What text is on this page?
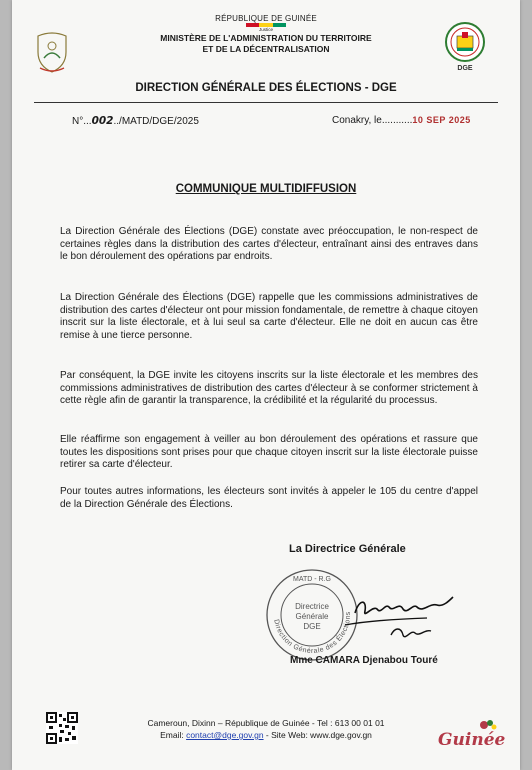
RÉPUBLIQUE DE GUINÉE
Justice
MINISTÈRE DE L'ADMINISTRATION DU TERRITOIRE
ET DE LA DÉCENTRALISATION
DGE
DIRECTION GÉNÉRALE DES ÉLECTIONS - DGE
N°...002../MATD/DGE/2025	Conakry, le...........10 SEP 2025
COMMUNIQUE MULTIDIFFUSION

La Direction Générale des Élections (DGE) constate avec préoccupation, le non-respect de certaines règles dans la distribution des cartes d'électeur, entraînant ainsi des entraves dans le bon déroulement des opérations par endroits.

La Direction Générale des Élections (DGE) rappelle que les commissions administratives de distribution des cartes d'électeur ont pour mission fondamentale, de remettre à chaque citoyen inscrit sur la liste électorale, et à lui seul sa carte d'électeur. Elle ne doit en aucun cas être remise à une tierce personne.

Par conséquent, la DGE invite les citoyens inscrits sur la liste électorale et les membres des commissions administratives de distribution des cartes d'électeur à se conformer strictement à cette règle afin de garantir la transparence, la crédibilité et la régularité du processus.

Elle réaffirme son engagement à veiller au bon déroulement des opérations et rassure que toutes les dispositions sont prises pour que chaque citoyen inscrit sur la liste électorale puisse retirer sa carte d'électeur.

Pour toutes autres informations, les électeurs sont invités à appeler le 105 du centre d'appel de la Direction Générale des Élections.

La Directrice Générale
Direction Générale des Élections
MATD - R.G
Directrice
Générale
DGE
Mme CAMARA Djenabou Touré
Cameroun, Dixinn – République de Guinée - Tel : 613 00 01 01
Email: contact@dge.gov.gn - Site Web: www.dge.gov.gn	Guinée
